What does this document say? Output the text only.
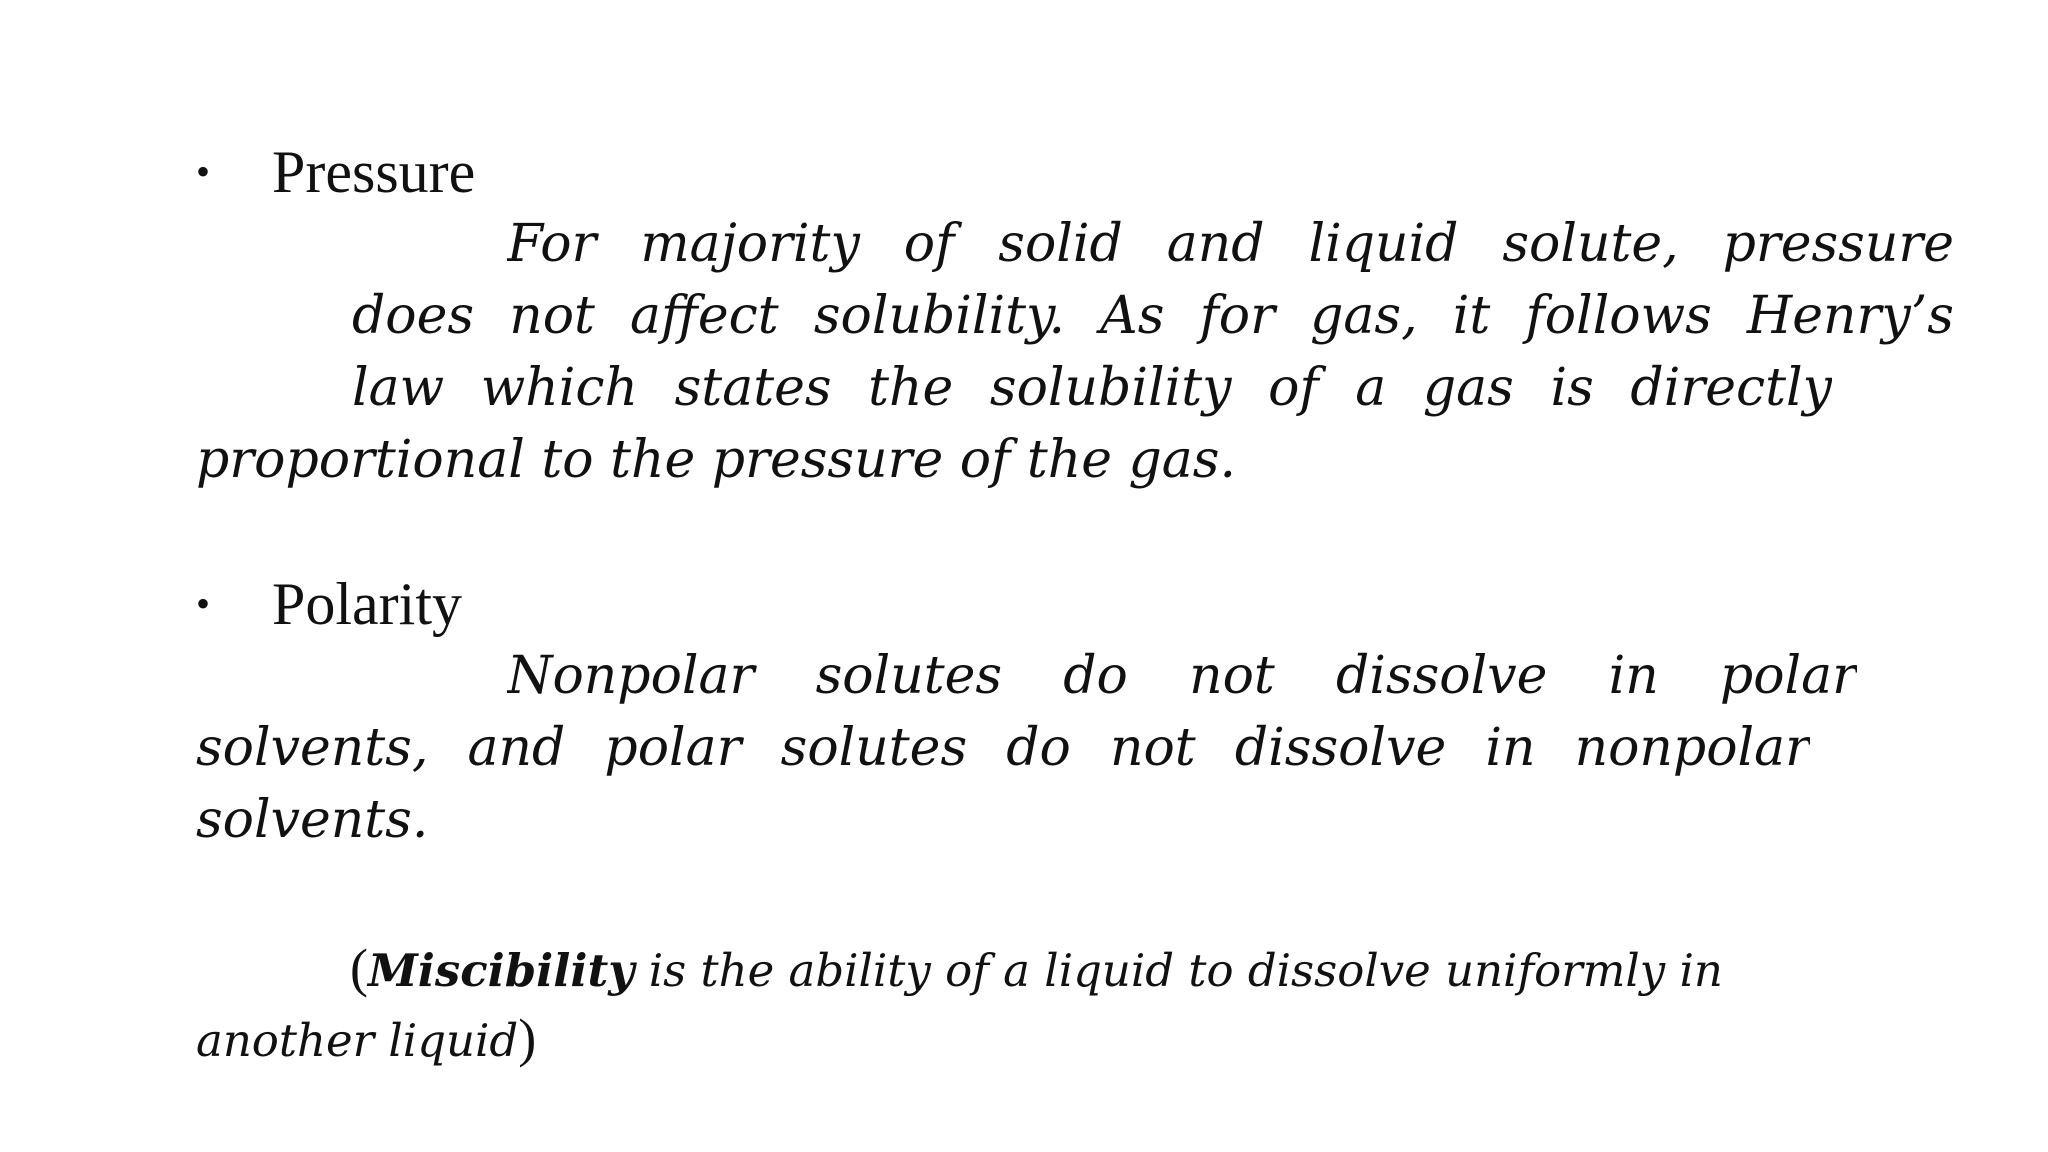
•	Pressure
For majority of solid and liquid solute, pressure
does not affect solubility. As for gas, it follows Henry’s
law which states the solubility of a gas is directly
proportional to the pressure of the gas.
•	Polarity
Nonpolar solutes do not dissolve in polar
solvents, and polar solutes do not dissolve in nonpolar
solvents.
(Miscibility is the ability of a liquid to dissolve uniformly in
another liquid)
